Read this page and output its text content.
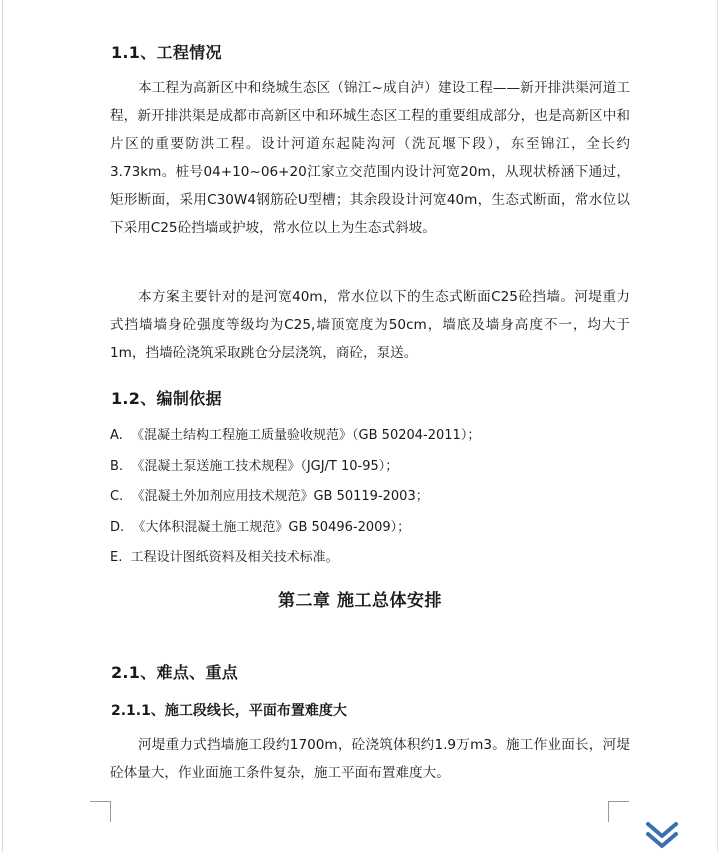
1.1、工程情况
本工程为高新区中和绕城生态区（锦江~成自泸）建设工程——新开排洪渠河道工程，新开排洪渠是成都市高新区中和环城生态区工程的重要组成部分，也是高新区中和片区的重要防洪工程。设计河道东起陡沟河（洗瓦堰下段），东至锦江，全长约3.73km。桩号04+10~06+20江家立交范围内设计河宽20m，从现状桥涵下通过，矩形断面，采用C30W4钢筋砼U型槽；其余段设计河宽40m，生态式断面，常水位以下采用C25砼挡墙或护坡，常水位以上为生态式斜坡。
本方案主要针对的是河宽40m，常水位以下的生态式断面C25砼挡墙。河堤重力式挡墙墙身砼强度等级均为C25,墙顶宽度为50cm，墙底及墙身高度不一，均大于1m，挡墙砼浇筑采取跳仓分层浇筑，商砼，泵送。
1.2、编制依据
A.  《混凝土结构工程施工质量验收规范》（GB 50204-2011）；
B.  《混凝土泵送施工技术规程》（JGJ/T 10-95）；
C.  《混凝土外加剂应用技术规范》GB 50119-2003；
D.  《大体积混凝土施工规范》GB 50496-2009）；
E.  工程设计图纸资料及相关技术标准。
第二章 施工总体安排
2.1、难点、重点
2.1.1、施工段线长，平面布置难度大
河堤重力式挡墙施工段约1700m，砼浇筑体积约1.9万m3。施工作业面长，河堤砼体量大，作业面施工条件复杂，施工平面布置难度大。
